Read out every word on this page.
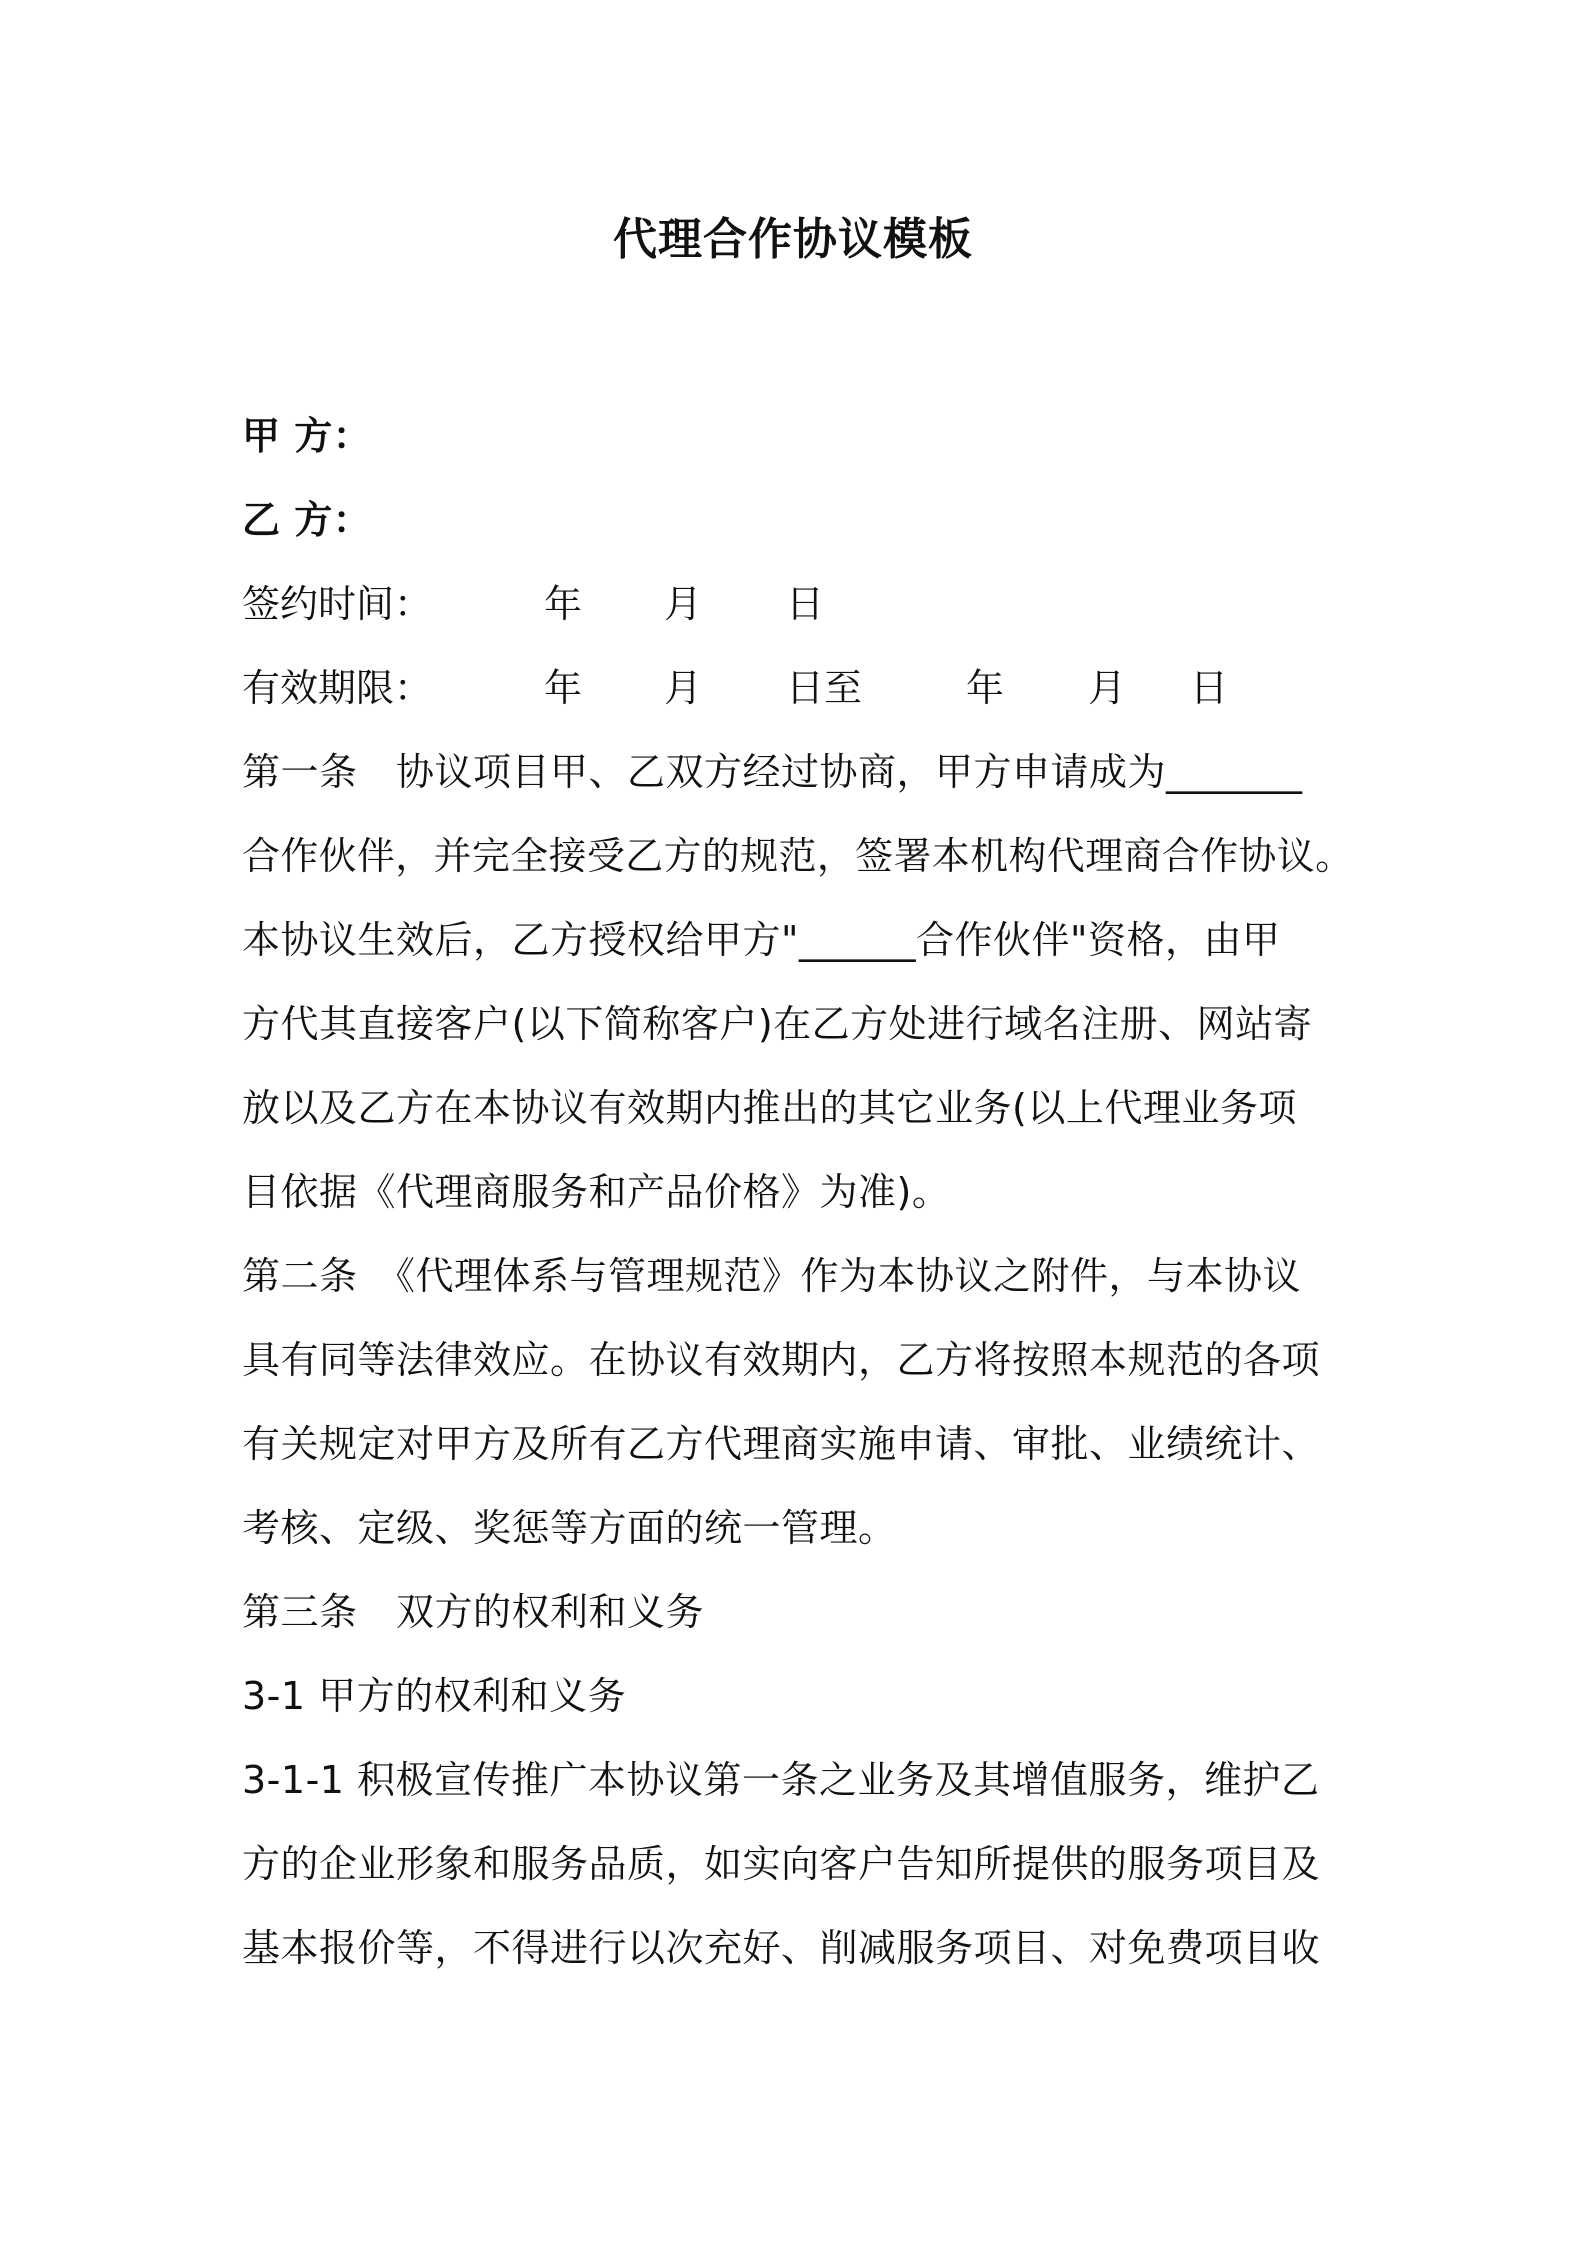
代理合作协议模板
甲 方：
乙 方：
签约时间：	年 月 日
有效期限：	年 月 日至	年 月 日
第一条　协议项目甲、乙双方经过协商，甲方申请成为_______
合作伙伴，并完全接受乙方的规范，签署本机构代理商合作协议。
本协议生效后，乙方授权给甲方"______合作伙伴"资格，由甲
方代其直接客户(以下简称客户)在乙方处进行域名注册、网站寄
放以及乙方在本协议有效期内推出的其它业务(以上代理业务项
目依据《代理商服务和产品价格》为准)。
第二条　《代理体系与管理规范》作为本协议之附件，与本协议
具有同等法律效应。在协议有效期内，乙方将按照本规范的各项
有关规定对甲方及所有乙方代理商实施申请、审批、业绩统计、
考核、定级、奖惩等方面的统一管理。
第三条　双方的权利和义务
3-1 甲方的权利和义务
3-1-1 积极宣传推广本协议第一条之业务及其增值服务，维护乙
方的企业形象和服务品质，如实向客户告知所提供的服务项目及
基本报价等，不得进行以次充好、削减服务项目、对免费项目收
